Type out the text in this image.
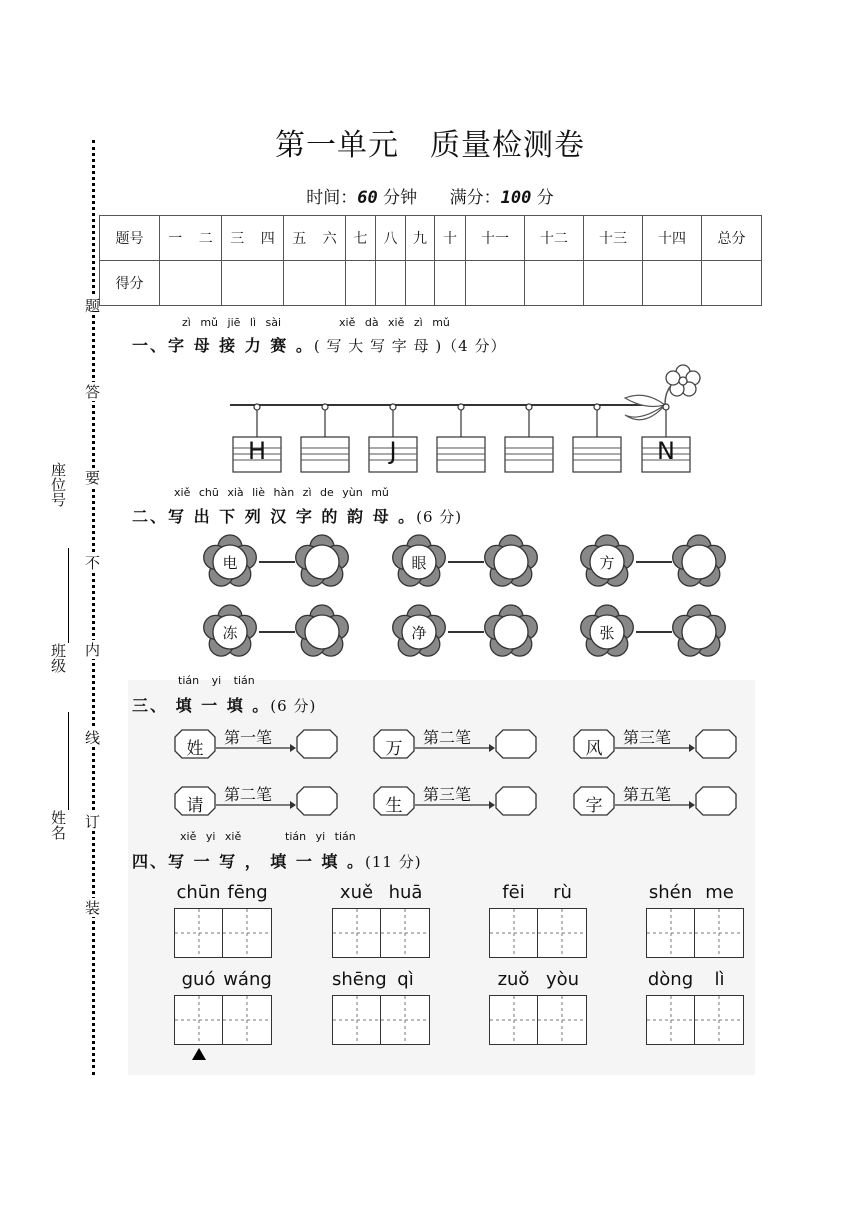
装
订
线
内
不
要
答
题
姓名
班级
座位号
第一单元　质量检测卷
时间：60 分钟 满分：100 分
题号	一	二	三	四	五	六	七	八	九	十	十一	十二	十三	十四	总分
得分															
zì mǔ jiē lì sài	xiě dà xiě zì mǔ
一、字 母 接 力 赛 。( 写 大 写 字 母 )（4 分）
H	J	N
xiě chū xià liè hàn zì de yùn mǔ
二、写 出 下 列 汉 字 的 韵 母 。(6 分)
电	眼	方
冻	净	张
tián yi tián
三、 填 一 填 。(6 分)
姓
第一笔
万
第二笔
风
第三笔
请
第二笔
生
第三笔
字
第五笔
xiě yi xiě	tián yi tián
四、写 一 写 ， 填 一 填 。(11 分)
chūn fēng	xuě huā	fēi	rù	shén me
guó wáng	shēng qì	zuǒ yòu	dòng	lì
